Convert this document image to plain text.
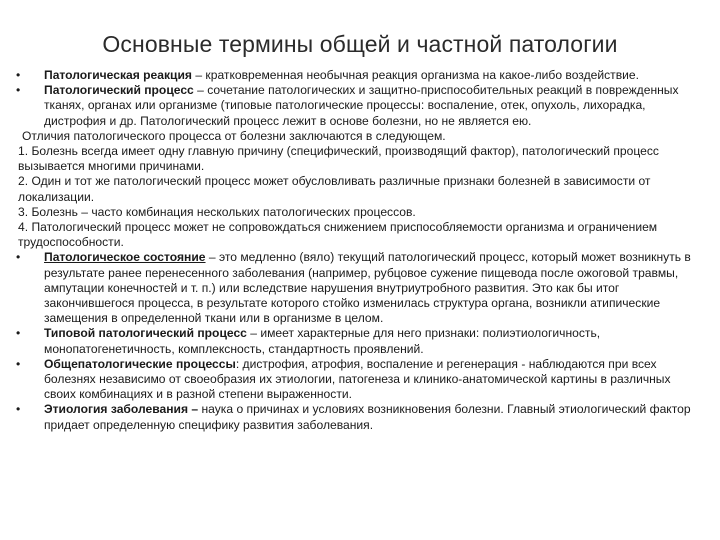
Основные термины общей и частной патологии
•	Патологическая реакция – кратковременная необычная реакция организма на какое-либо воздействие.
•	Патологический процесс – сочетание патологических и защитно-приспособительных реакций в поврежденных тканях, органах или организме (типовые патологические процессы: воспаление, отек, опухоль, лихорадка, дистрофия и др. Патологический процесс лежит в основе болезни, но не является ею.
Отличия патологического процесса от болезни заключаются в следующем.
1. Болезнь всегда имеет одну главную причину (специфический, производящий фактор), патологический процесс вызывается многими причинами.
2. Один и тот же патологический процесс может обусловливать различные признаки болезней в зависимости от локализации.
3. Болезнь – часто комбинация нескольких патологических процессов.
4. Патологический процесс может не сопровождаться снижением приспособляемости организма и ограничением трудоспособности.
•	Патологическое состояние – это медленно (вяло) текущий патологический процесс, который может возникнуть в результате ранее перенесенного заболевания (например, рубцовое сужение пищевода после ожоговой травмы, ампутации конечностей и т. п.) или вследствие нарушения внутриутробного развития. Это как бы итог закончившегося процесса, в результате которого стойко изменилась структура органа, возникли атипические замещения в определенной ткани или в организме в целом.
•	Типовой патологический процесс – имеет характерные для него признаки: полиэтиологичность, монопатогенетичность, комплексность, стандартность проявлений.
•	Общепатологические процессы: дистрофия, атрофия, воспаление и регенерация - наблюдаются при всех болезнях независимо от своеобразия их этиологии, патогенеза и клинико-анатомической картины в различных своих комбинациях и в разной степени выраженности.
•	Этиология заболевания – наука о причинах и условиях возникновения болезни. Главный этиологический фактор придает определенную специфику развития заболевания.
